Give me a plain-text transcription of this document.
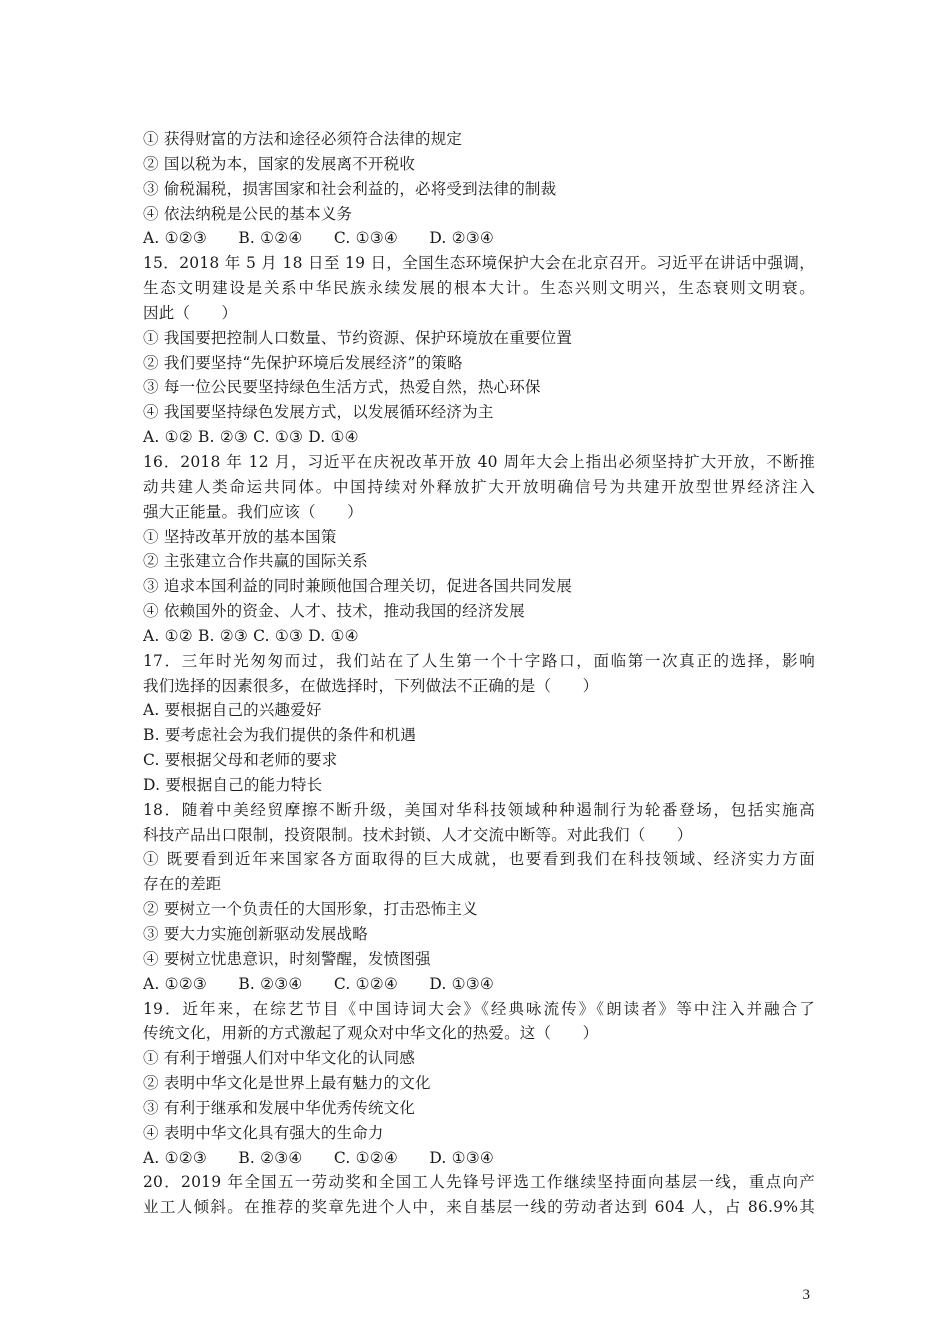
① 获得财富的方法和途径必须符合法律的规定
② 国以税为本，国家的发展离不开税收
③ 偷税漏税，损害国家和社会利益的，必将受到法律的制裁
④ 依法纳税是公民的基本义务
A. ①②③　　B. ①②④　　C. ①③④　　D. ②③④
15．2018 年 5 月 18 日至 19 日，全国生态环境保护大会在北京召开。习近平在讲话中强调，
生态文明建设是关系中华民族永续发展的根本大计。生态兴则文明兴，生态衰则文明衰。
因此（　　）
① 我国要把控制人口数量、节约资源、保护环境放在重要位置
② 我们要坚持“先保护环境后发展经济”的策略
③ 每一位公民要坚持绿色生活方式，热爱自然，热心环保
④ 我国要坚持绿色发展方式，以发展循环经济为主
A. ①② B. ②③ C. ①③ D. ①④
16．2018 年 12 月，习近平在庆祝改革开放 40 周年大会上指出必须坚持扩大开放，不断推
动共建人类命运共同体。中国持续对外释放扩大开放明确信号为共建开放型世界经济注入
强大正能量。我们应该（　　）
① 坚持改革开放的基本国策
② 主张建立合作共赢的国际关系
③ 追求本国利益的同时兼顾他国合理关切，促进各国共同发展
④ 依赖国外的资金、人才、技术，推动我国的经济发展
A. ①② B. ②③ C. ①③ D. ①④
17．三年时光匆匆而过，我们站在了人生第一个十字路口，面临第一次真正的选择，影响
我们选择的因素很多，在做选择时，下列做法不正确的是（　　）
A. 要根据自己的兴趣爱好
B. 要考虑社会为我们提供的条件和机遇
C. 要根据父母和老师的要求
D. 要根据自己的能力特长
18．随着中美经贸摩擦不断升级，美国对华科技领域种种遏制行为轮番登场，包括实施高
科技产品出口限制，投资限制。技术封锁、人才交流中断等。对此我们（　　）
① 既要看到近年来国家各方面取得的巨大成就，也要看到我们在科技领域、经济实力方面
存在的差距
② 要树立一个负责任的大国形象，打击恐怖主义
③ 要大力实施创新驱动发展战略
④ 要树立忧患意识，时刻警醒，发愤图强
A. ①②③　　B. ②③④　　C. ①②④　　D. ①③④
19．近年来，在综艺节目《中国诗词大会》《经典咏流传》《朗读者》等中注入并融合了
传统文化，用新的方式激起了观众对中华文化的热爱。这（　　）
① 有利于增强人们对中华文化的认同感
② 表明中华文化是世界上最有魅力的文化
③ 有利于继承和发展中华优秀传统文化
④ 表明中华文化具有强大的生命力
A. ①②③　　B. ②③④　　C. ①②④　　D. ①③④
20．2019 年全国五一劳动奖和全国工人先锋号评选工作继续坚持面向基层一线，重点向产
业工人倾斜。在推荐的奖章先进个人中，来自基层一线的劳动者达到 604 人，占 86.9%其
3
